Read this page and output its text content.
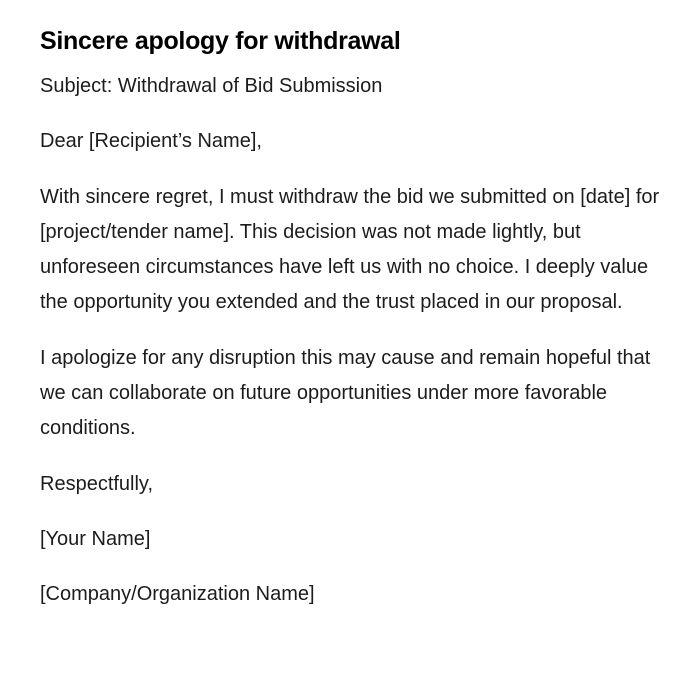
Sincere apology for withdrawal

Subject: Withdrawal of Bid Submission

Dear [Recipient’s Name],

With sincere regret, I must withdraw the bid we submitted on [date] for [project/tender name]. This decision was not made lightly, but unforeseen circumstances have left us with no choice. I deeply value the opportunity you extended and the trust placed in our proposal.

I apologize for any disruption this may cause and remain hopeful that we can collaborate on future opportunities under more favorable conditions.

Respectfully,

[Your Name]

[Company/Organization Name]
